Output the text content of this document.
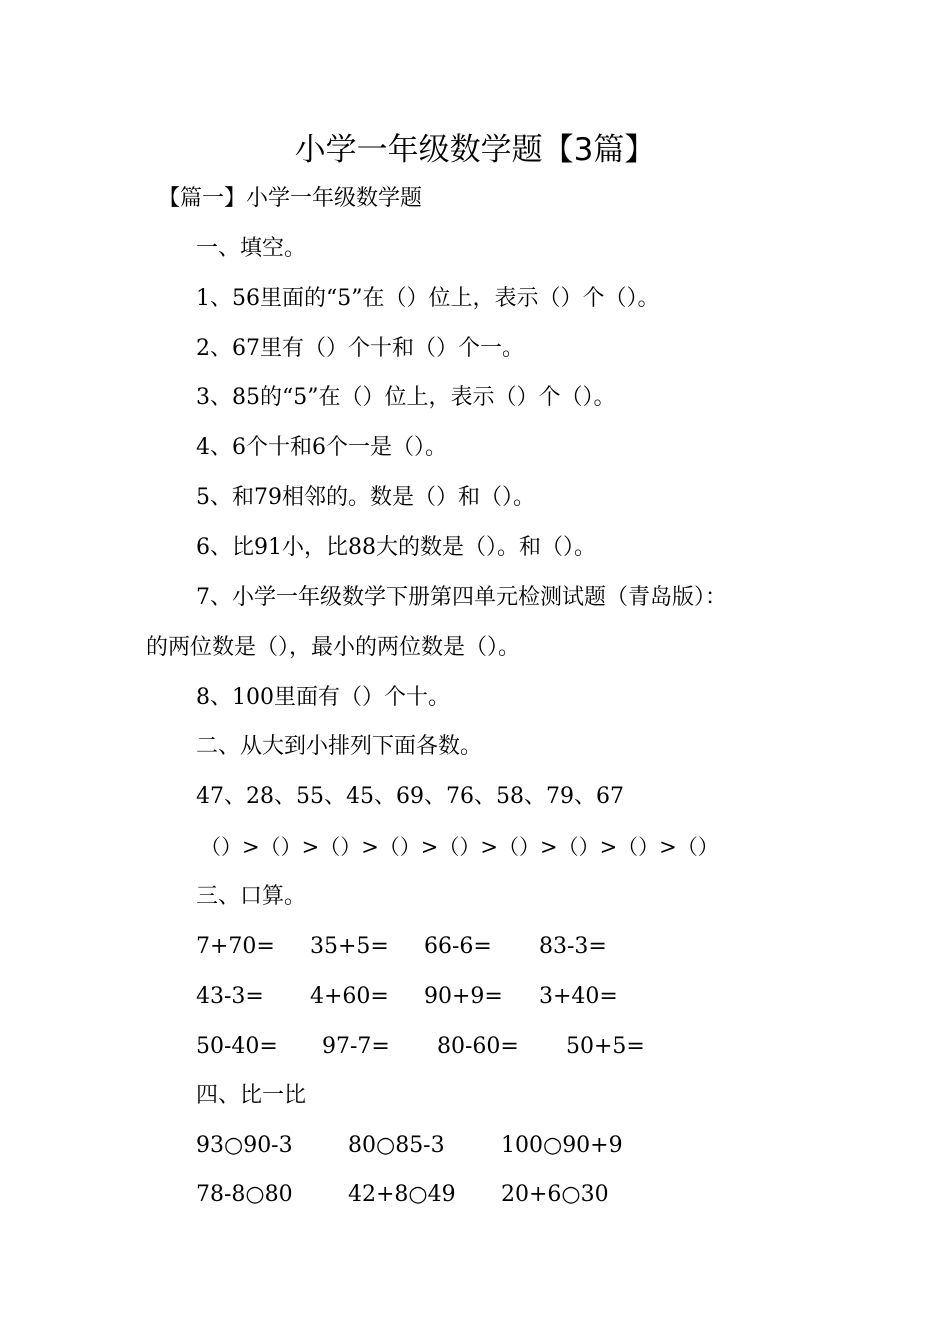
小学一年级数学题【3篇】

【篇一】小学一年级数学题

一、填空。

1、56里面的“5”在（）位上，表示（）个（）。

2、67里有（）个十和（）个一。

3、85的“5”在（）位上，表示（）个（）。

4、6个十和6个一是（）。

5、和79相邻的。数是（）和（）。

6、比91小，比88大的数是（）。和（）。

7、小学一年级数学下册第四单元检测试题（青岛版）：

的两位数是（），最小的两位数是（）。

8、100里面有（）个十。

二、从大到小排列下面各数。

47、28、55、45、69、76、58、79、67

（）>（）>（）>（）>（）>（）>（）>（）>（）

三、口算。

7+70= 35+5= 66-6= 83-3=
43-3= 4+60= 90+9= 3+40=
50-40= 97-7= 80-60= 50+5=

四、比一比

93○90-3	80○85-3	100○90+9
78-8○80	42+8○49 20+6○30
